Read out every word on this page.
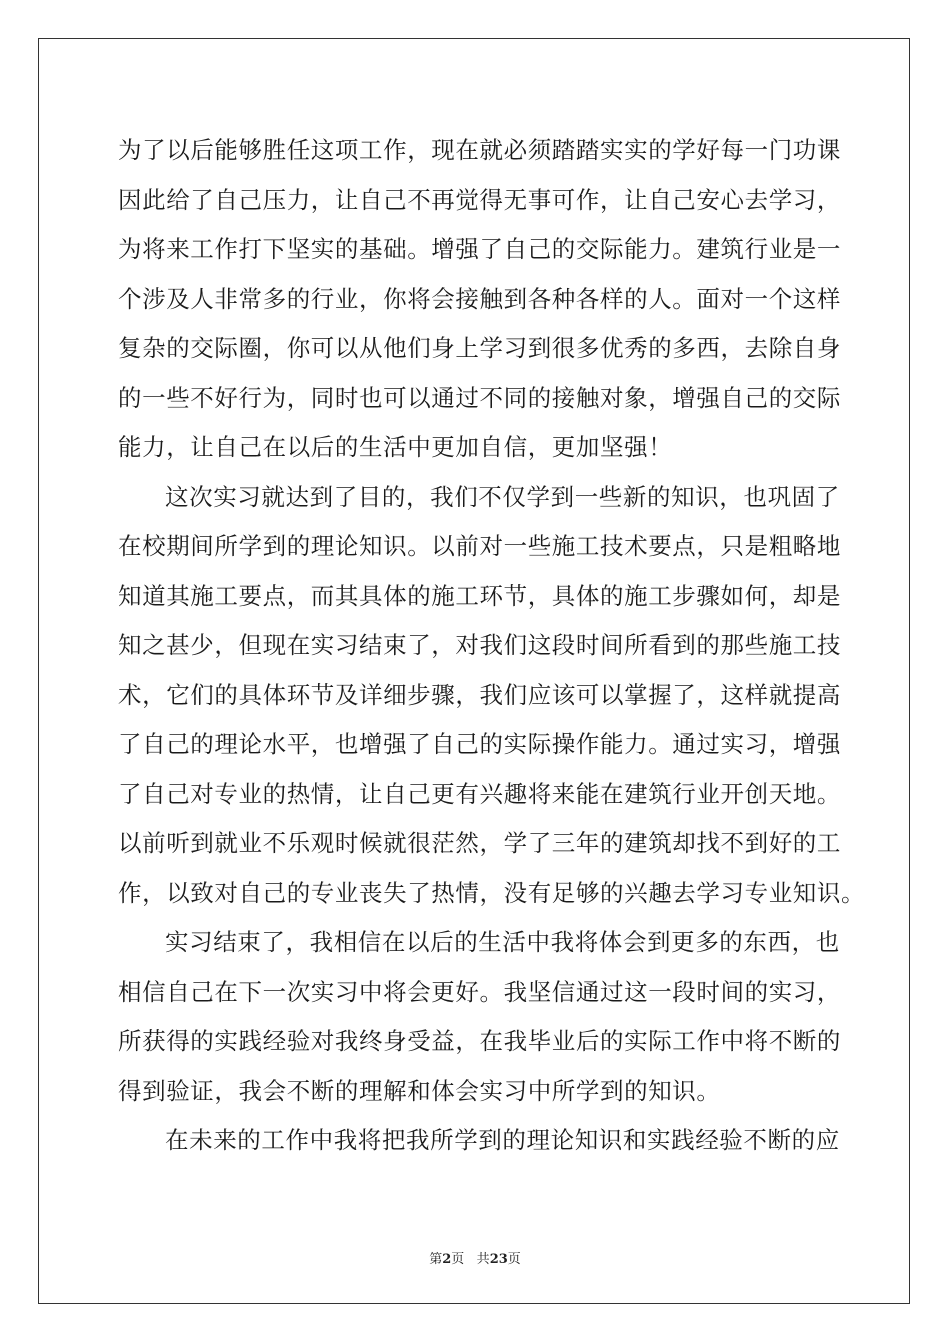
为了以后能够胜任这项工作，现在就必须踏踏实实的学好每一门功课
因此给了自己压力，让自己不再觉得无事可作，让自己安心去学习，
为将来工作打下坚实的基础。增强了自己的交际能力。建筑行业是一
个涉及人非常多的行业，你将会接触到各种各样的人。面对一个这样
复杂的交际圈，你可以从他们身上学习到很多优秀的多西，去除自身
的一些不好行为，同时也可以通过不同的接触对象，增强自己的交际
能力，让自己在以后的生活中更加自信，更加坚强！
这次实习就达到了目的，我们不仅学到一些新的知识，也巩固了
在校期间所学到的理论知识。以前对一些施工技术要点，只是粗略地
知道其施工要点，而其具体的施工环节，具体的施工步骤如何，却是
知之甚少，但现在实习结束了，对我们这段时间所看到的那些施工技
术，它们的具体环节及详细步骤，我们应该可以掌握了，这样就提高
了自己的理论水平，也增强了自己的实际操作能力。通过实习，增强
了自己对专业的热情，让自己更有兴趣将来能在建筑行业开创天地。
以前听到就业不乐观时候就很茫然，学了三年的建筑却找不到好的工
作，以致对自己的专业丧失了热情，没有足够的兴趣去学习专业知识。
实习结束了，我相信在以后的生活中我将体会到更多的东西，也
相信自己在下一次实习中将会更好。我坚信通过这一段时间的实习，
所获得的实践经验对我终身受益，在我毕业后的实际工作中将不断的
得到验证，我会不断的理解和体会实习中所学到的知识。
在未来的工作中我将把我所学到的理论知识和实践经验不断的应
第2页 共23页
